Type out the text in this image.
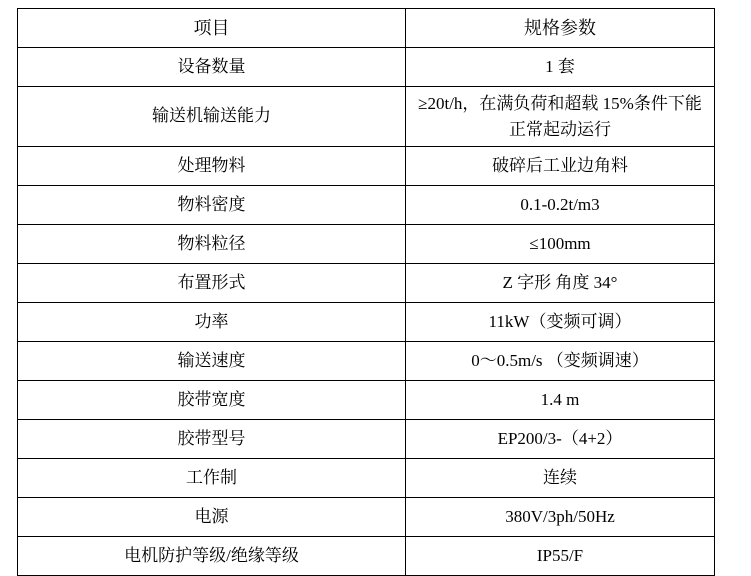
项目	规格参数

设备数量	1 套

输送机输送能力	≥20t/h，在满负荷和超载 15%条件下能正常起动运行

处理物料	破碎后工业边角料

物料密度	0.1-0.2t/m3

物料粒径	≤100mm

布置形式	Z 字形 角度 34°

功率	11kW（变频可调）

输送速度	0～0.5m/s （变频调速）

胶带宽度	1.4 m

胶带型号	EP200/3-（4+2）

工作制	连续

电源	380V/3ph/50Hz

电机防护等级/绝缘等级	IP55/F
